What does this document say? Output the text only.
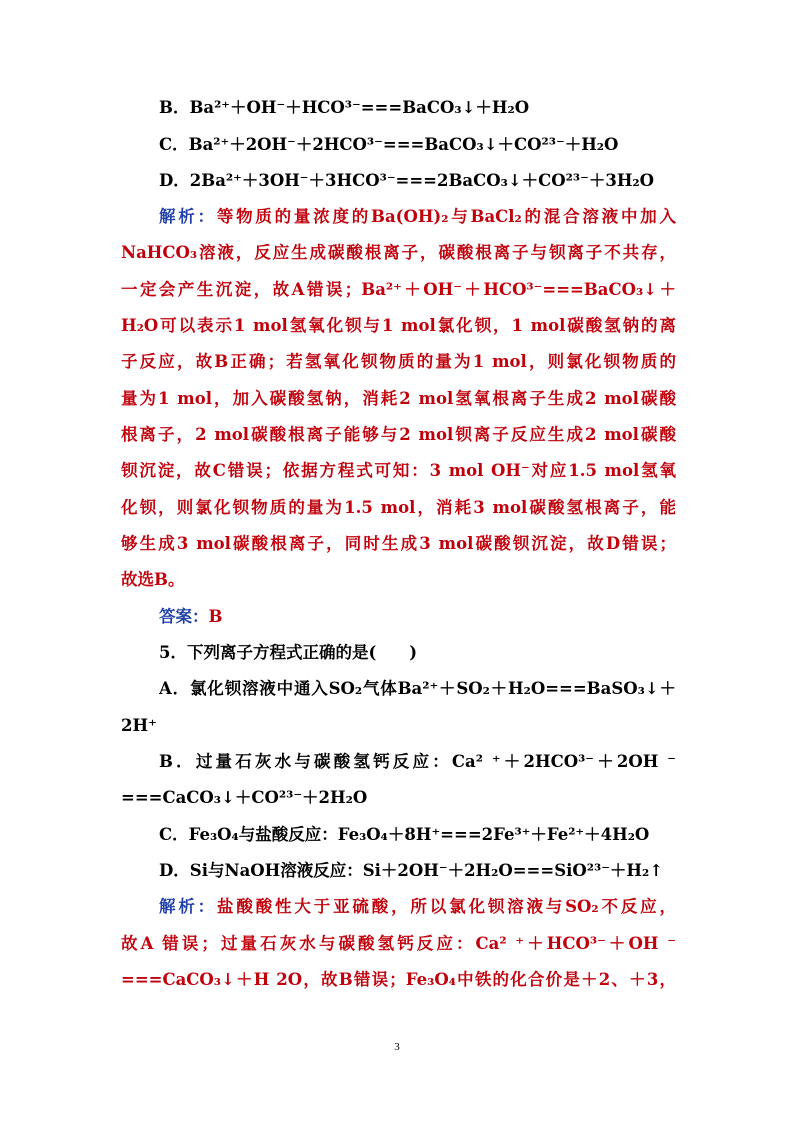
B．Ba²⁺＋OH⁻＋HCO³⁻===BaCO₃↓＋H₂O
C．Ba²⁺＋2OH⁻＋2HCO³⁻===BaCO₃↓＋CO²³⁻＋H₂O
D．2Ba²⁺＋3OH⁻＋3HCO³⁻===2BaCO₃↓＋CO²³⁻＋3H₂O
解析：等物质的量浓度的Ba(OH)₂与BaCl₂的混合溶液中加入
NaHCO₃溶液，反应生成碳酸根离子，碳酸根离子与钡离子不共存，
一定会产生沉淀，故A错误；Ba²⁺＋OH⁻＋HCO³⁻===BaCO₃↓＋
H₂O可以表示1 mol氢氧化钡与1 mol氯化钡，1 mol碳酸氢钠的离
子反应，故B正确；若氢氧化钡物质的量为1 mol，则氯化钡物质的
量为1 mol，加入碳酸氢钠，消耗2 mol氢氧根离子生成2 mol碳酸
根离子，2 mol碳酸根离子能够与2 mol钡离子反应生成2 mol碳酸
钡沉淀，故C错误；依据方程式可知：3 mol OH⁻对应1.5 mol氢氧
化钡，则氯化钡物质的量为1.5 mol，消耗3 mol碳酸氢根离子，能
够生成3 mol碳酸根离子，同时生成3 mol碳酸钡沉淀，故D错误；
故选B。
答案：B
5．下列离子方程式正确的是(　　)
A．氯化钡溶液中通入SO₂气体Ba²⁺＋SO₂＋H₂O===BaSO₃↓＋
2H⁺
B．过量石灰水与碳酸氢钙反应：Ca² ⁺＋2HCO³⁻＋2OH ⁻
===CaCO₃↓＋CO²³⁻＋2H₂O
C．Fe₃O₄与盐酸反应：Fe₃O₄＋8H⁺===2Fe³⁺＋Fe²⁺＋4H₂O
D．Si与NaOH溶液反应：Si＋2OH⁻＋2H₂O===SiO²³⁻＋H₂↑
解析：盐酸酸性大于亚硫酸，所以氯化钡溶液与SO₂不反应，
故A 错误；过量石灰水与碳酸氢钙反应：Ca² ⁺＋HCO³⁻＋OH ⁻
===CaCO₃↓＋H 2O，故B错误；Fe₃O₄中铁的化合价是＋2、＋3，
3
